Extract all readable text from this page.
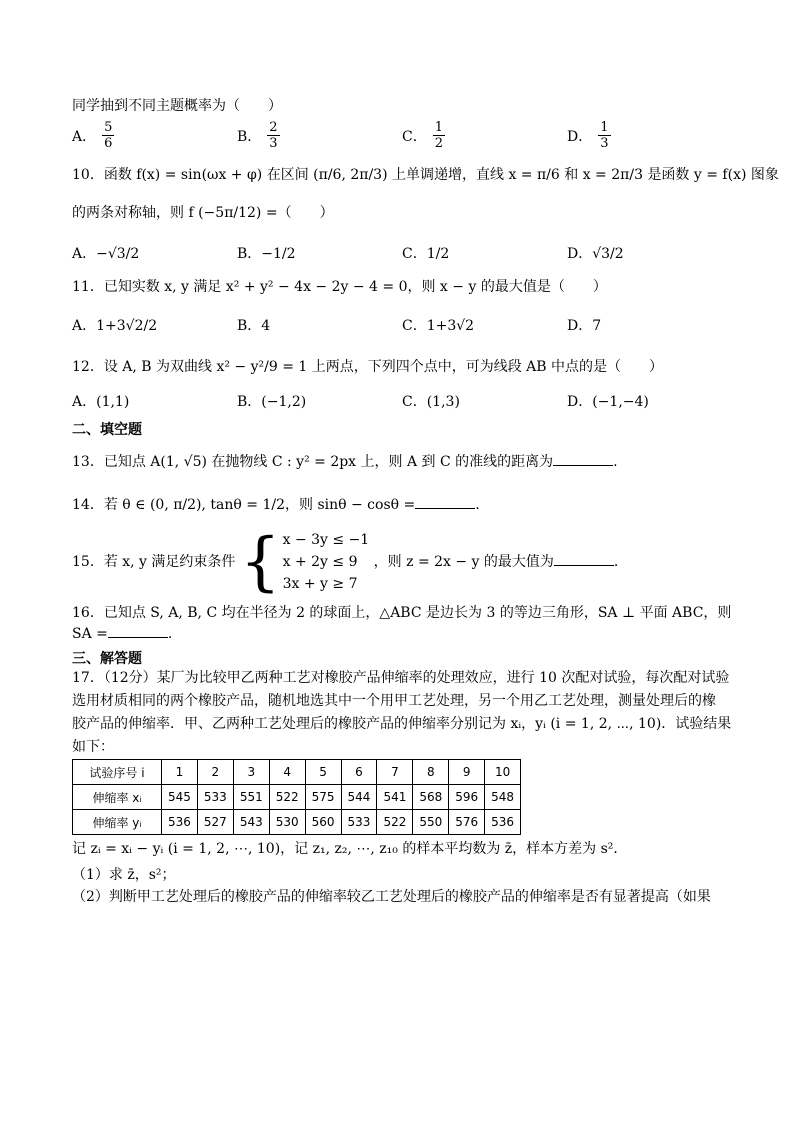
同学抽到不同主题概率为（　　）
A． $\frac{5}{6}$	B． $\frac{2}{3}$	C． $\frac{1}{2}$	D． $\frac{1}{3}$
10．函数 f(x) = sin(ωx + φ) 在区间 (π/6, 2π/3) 上单调递增，直线 x = π/6 和 x = 2π/3 是函数 y = f(x) 图象
的两条对称轴，则 f (−5π/12) =（　　）
A．−√3/2	B．−1/2	C．1/2	D．√3/2
11．已知实数 x, y 满足 x² + y² − 4x − 2y − 4 = 0，则 x − y 的最大值是（　　）
A．1+3√2/2	B．4	C．1+3√2	D．7
12．设 A, B 为双曲线 x² − y²/9 = 1 上两点，下列四个点中，可为线段 AB 中点的是（　　）
A．(1,1)	B．(−1,2)	C．(1,3)	D．(−1,−4)
二、填空题
13．已知点 A(1, √5) 在抛物线 C : y² = 2px 上，则 A 到 C 的准线的距离为	.
14．若 θ ∈ (0, π/2), tanθ = 1/2，则 sinθ − cosθ =	.
15．若 x, y 满足约束条件 { x − 3y ≤ −1
x + 2y ≤ 9
3x + y ≥ 7
，则 z = 2x − y 的最大值为	.
16．已知点 S, A, B, C 均在半径为 2 的球面上，△ABC 是边长为 3 的等边三角形，SA ⊥ 平面 ABC，则
SA =	.
三、解答题
17．（12分）某厂为比较甲乙两种工艺对橡胶产品伸缩率的处理效应，进行 10 次配对试验，每次配对试验
选用材质相同的两个橡胶产品，随机地选其中一个用甲工艺处理，另一个用乙工艺处理，测量处理后的橡
胶产品的伸缩率．甲、乙两种工艺处理后的橡胶产品的伸缩率分别记为 xᵢ，yᵢ (i = 1, 2, ⋯, 10)．试验结果
如下：
试验序号 i	1	2	3	4	5	6	7	8	9	10
伸缩率 xᵢ	545	533	551	522	575	544	541	568	596	548
伸缩率 yᵢ	536	527	543	530	560	533	522	550	576	536
记 zᵢ = xᵢ − yᵢ (i = 1, 2, ⋯, 10)，记 z₁, z₂, ⋯, z₁₀ 的样本平均数为 z̄，样本方差为 s²．
（1）求 z̄，s²；
（2）判断甲工艺处理后的橡胶产品的伸缩率较乙工艺处理后的橡胶产品的伸缩率是否有显著提高（如果
